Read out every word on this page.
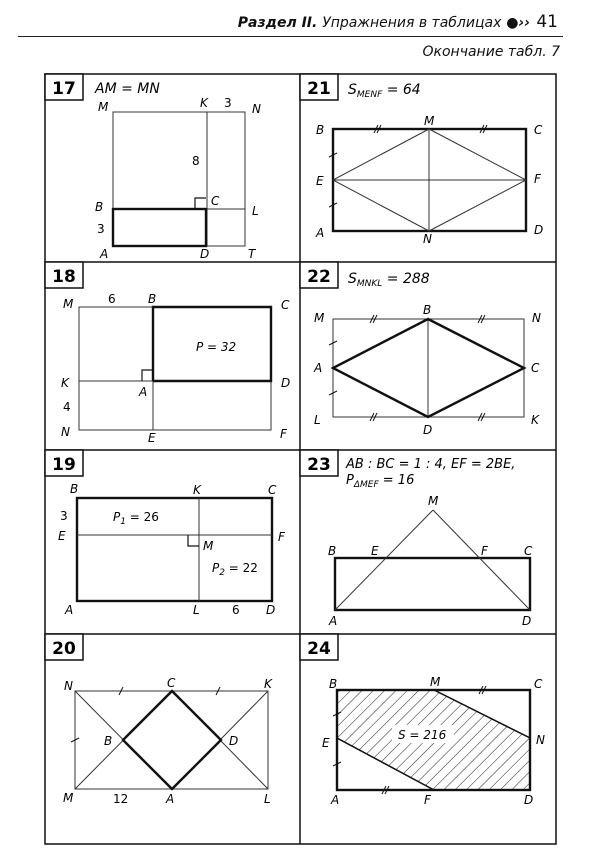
Раздел II. Упражнения в таблицах ●›› 41
Окончание табл. 7
17	21
18	22
19	23
20	24
AM = MN
M	K	N
B	C
L
A	D	T
3
8
3
$S_{MENF} = 64$
B
M
C
E	F
A	N
D
M	B	C
K
A
D
N	E	F
6
4
P = 32
$S_{MNKL} = 288$
M
B
N
A	C
L
D
K
B	K	C
E
M
F
A	L	D
3	$P_1 = 26$
$P_2 = 22$
6
AB : BC = 1 : 4, EF = 2BE,
$P_{\Delta MEF} = 16$
M
B	E	F	C
A	D
N	C	K
B	D
M	A	L
12
B	M	C
E	N
A	F	D
S = 216
